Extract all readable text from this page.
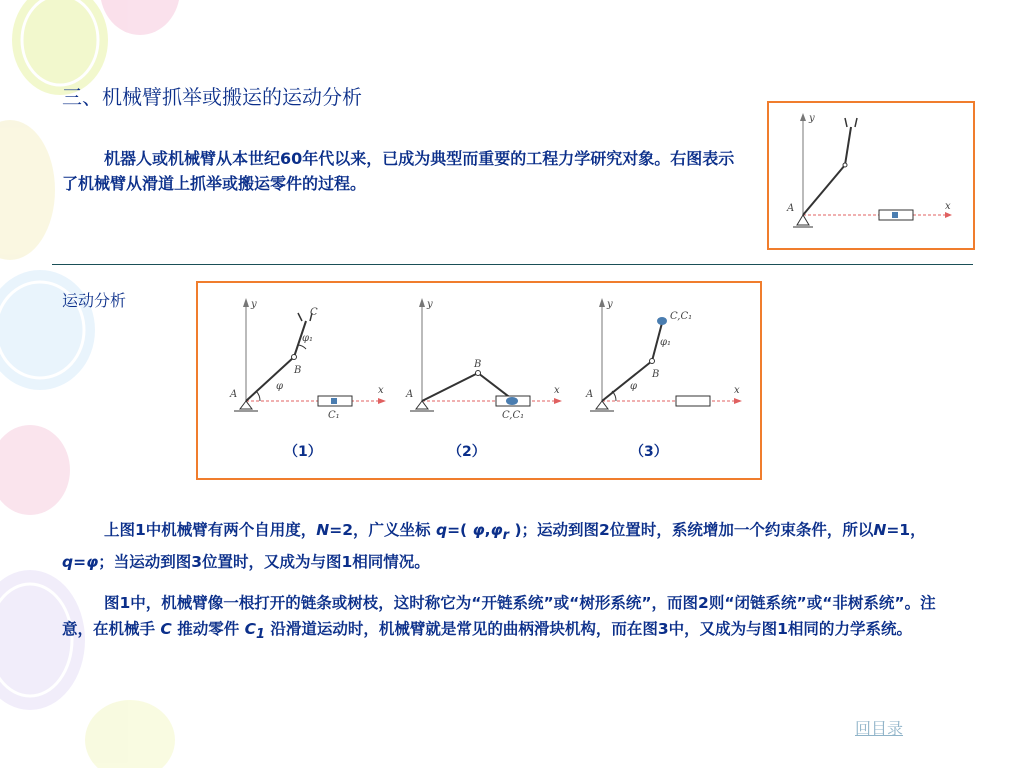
三、机械臂抓举或搬运的运动分析
机器人或机械臂从本世纪60年代以来，已成为典型而重要的工程力学研究对象。右图表示了机械臂从滑道上抓举或搬运零件的过程。
y
x
A
运动分析	y
x
C
φ₁
B
A
φ
C₁
（1）
y
x
B
A
C,C₁
（2）
y
x
C,C₁
φ₁
B
A
φ
（3）
上图1中机械臂有两个自用度，N=2，广义坐标 q=( $\varphi,\varphi_r$ )；运动到图2位置时，系统增加一个约束条件，所以N=1，q=φ；当运动到图3位置时，又成为与图1相同情况。
图1中，机械臂像一根打开的链条或树枝，这时称它为“开链系统”或“树形系统”，而图2则“闭链系统”或“非树系统”。注意，在机械手 C 推动零件 $C_1$ 沿滑道运动时，机械臂就是常见的曲柄滑块机构，而在图3中，又成为与图1相同的力学系统。
回目录
